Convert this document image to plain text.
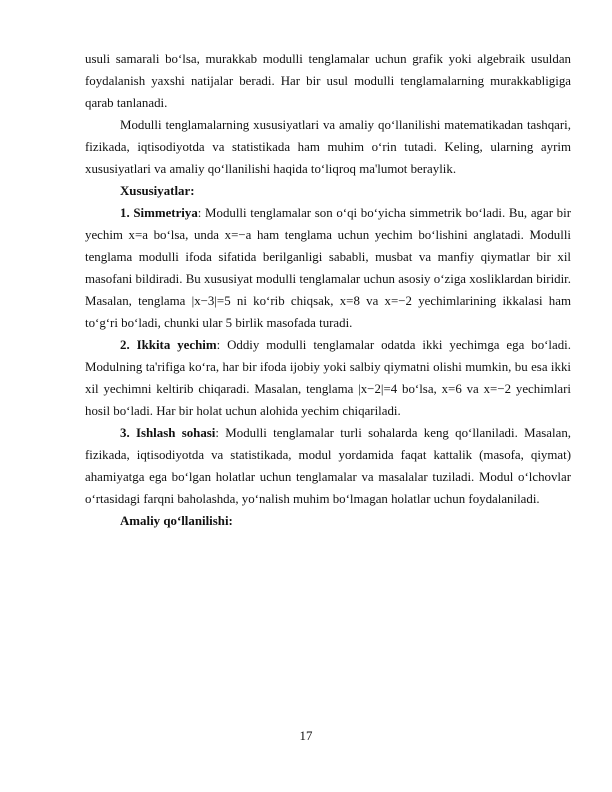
usuli samarali bo‘lsa, murakkab modulli tenglamalar uchun grafik yoki algebraik usuldan foydalanish yaxshi natijalar beradi. Har bir usul modulli tenglamalarning murakkabligiga qarab tanlanadi.

Modulli tenglamalarning xususiyatlari va amaliy qo‘llanilishi matematikadan tashqari, fizikada, iqtisodiyotda va statistikada ham muhim o‘rin tutadi. Keling, ularning ayrim xususiyatlari va amaliy qo‘llanilishi haqida to‘liqroq ma'lumot beraylik.

Xususiyatlar:

1. Simmetriya: Modulli tenglamalar son o‘qi bo‘yicha simmetrik bo‘ladi. Bu, agar bir yechim x=a bo‘lsa, unda x=−a ham tenglama uchun yechim bo‘lishini anglatadi. Modulli tenglama modulli ifoda sifatida berilganligi sababli, musbat va manfiy qiymatlar bir xil masofani bildiradi. Bu xususiyat modulli tenglamalar uchun asosiy o‘ziga xosliklardan biridir. Masalan, tenglama |x−3|=5 ni ko‘rib chiqsak, x=8 va x=−2 yechimlarining ikkalasi ham to‘g‘ri bo‘ladi, chunki ular 5 birlik masofada turadi.

2. Ikkita yechim: Oddiy modulli tenglamalar odatda ikki yechimga ega bo‘ladi. Modulning ta'rifiga ko‘ra, har bir ifoda ijobiy yoki salbiy qiymatni olishi mumkin, bu esa ikki xil yechimni keltirib chiqaradi. Masalan, tenglama |x−2|=4 bo‘lsa, x=6 va x=−2 yechimlari hosil bo‘ladi. Har bir holat uchun alohida yechim chiqariladi.

3. Ishlash sohasi: Modulli tenglamalar turli sohalarda keng qo‘llaniladi. Masalan, fizikada, iqtisodiyotda va statistikada, modul yordamida faqat kattalik (masofa, qiymat) ahamiyatga ega bo‘lgan holatlar uchun tenglamalar va masalalar tuziladi. Modul o‘lchovlar o‘rtasidagi farqni baholashda, yo‘nalish muhim bo‘lmagan holatlar uchun foydalaniladi.

Amaliy qo‘llanilishi:

17
